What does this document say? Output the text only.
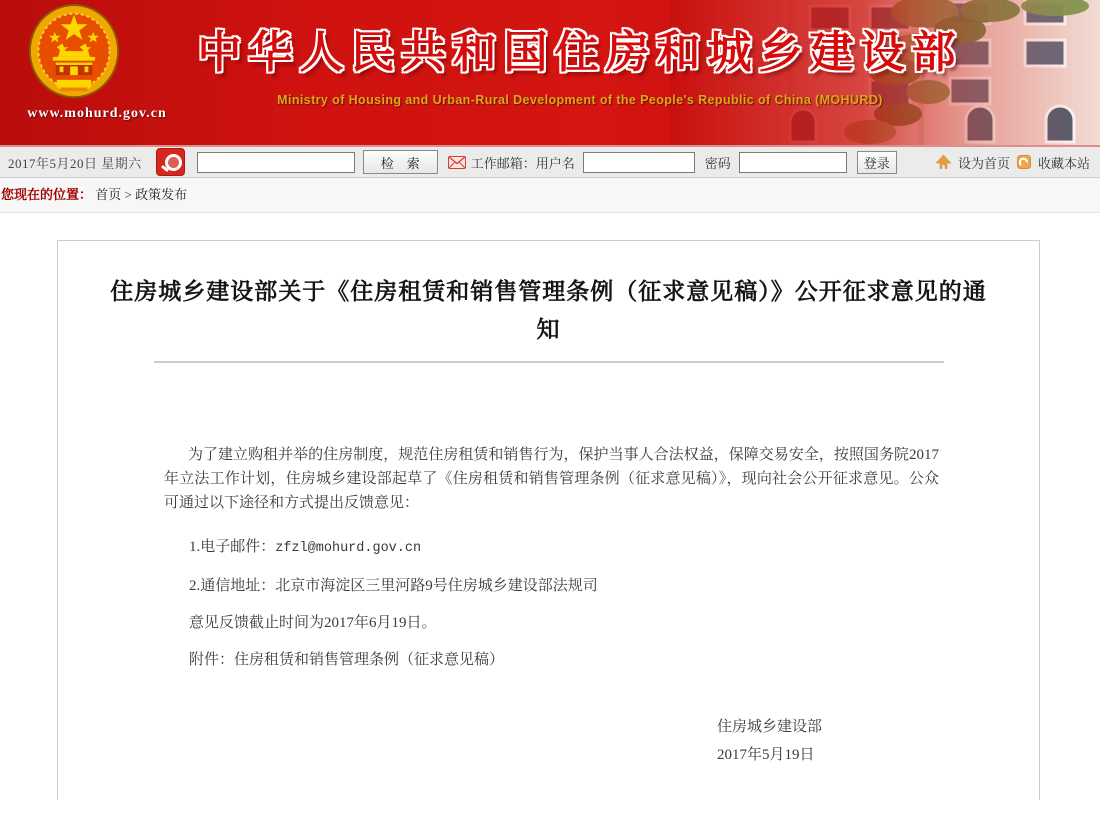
www.mohurd.gov.cn
中华人民共和国住房和城乡建设部
Ministry of Housing and Urban-Rural Development of the People's Republic of China (MOHURD)
2017年5月20日 星期六	检　索	工作邮箱：用户名	密码	登录	设为首页 收藏本站
您现在的位置： 首页 > 政策发布
住房城乡建设部关于《住房租赁和销售管理条例（征求意见稿）》公开征求意见的通知

为了建立购租并举的住房制度，规范住房租赁和销售行为，保护当事人合法权益，保障交易安全，按照国务院2017年立法工作计划，住房城乡建设部起草了《住房租赁和销售管理条例（征求意见稿）》，现向社会公开征求意见。公众可通过以下途径和方式提出反馈意见：

1.电子邮件：zfzl@mohurd.gov.cn

2.通信地址：北京市海淀区三里河路9号住房城乡建设部法规司

意见反馈截止时间为2017年6月19日。

附件：住房租赁和销售管理条例（征求意见稿）

住房城乡建设部

2017年5月19日
